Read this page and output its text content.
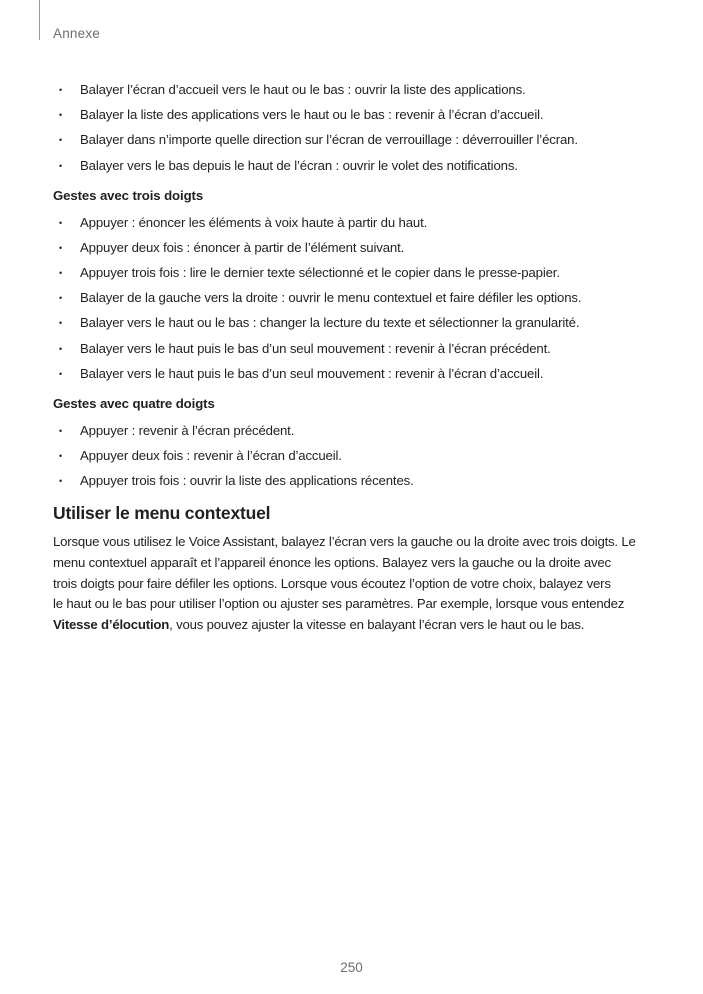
Annexe
• Balayer l’écran d’accueil vers le haut ou le bas : ouvrir la liste des applications.
• Balayer la liste des applications vers le haut ou le bas : revenir à l’écran d’accueil.
• Balayer dans n’importe quelle direction sur l’écran de verrouillage : déverrouiller l’écran.
• Balayer vers le bas depuis le haut de l’écran : ouvrir le volet des notifications.
Gestes avec trois doigts
• Appuyer : énoncer les éléments à voix haute à partir du haut.
• Appuyer deux fois : énoncer à partir de l’élément suivant.
• Appuyer trois fois : lire le dernier texte sélectionné et le copier dans le presse-papier.
• Balayer de la gauche vers la droite : ouvrir le menu contextuel et faire défiler les options.
• Balayer vers le haut ou le bas : changer la lecture du texte et sélectionner la granularité.
• Balayer vers le haut puis le bas d’un seul mouvement : revenir à l’écran précédent.
• Balayer vers le haut puis le bas d’un seul mouvement : revenir à l’écran d’accueil.
Gestes avec quatre doigts
• Appuyer : revenir à l’écran précédent.
• Appuyer deux fois : revenir à l’écran d’accueil.
• Appuyer trois fois : ouvrir la liste des applications récentes.
Utiliser le menu contextuel

Lorsque vous utilisez le Voice Assistant, balayez l’écran vers la gauche ou la droite avec trois doigts. Le
menu contextuel apparaît et l’appareil énonce les options. Balayez vers la gauche ou la droite avec
trois doigts pour faire défiler les options. Lorsque vous écoutez l’option de votre choix, balayez vers
le haut ou le bas pour utiliser l’option ou ajuster ses paramètres. Par exemple, lorsque vous entendez
Vitesse d’élocution, vous pouvez ajuster la vitesse en balayant l’écran vers le haut ou le bas.

250
